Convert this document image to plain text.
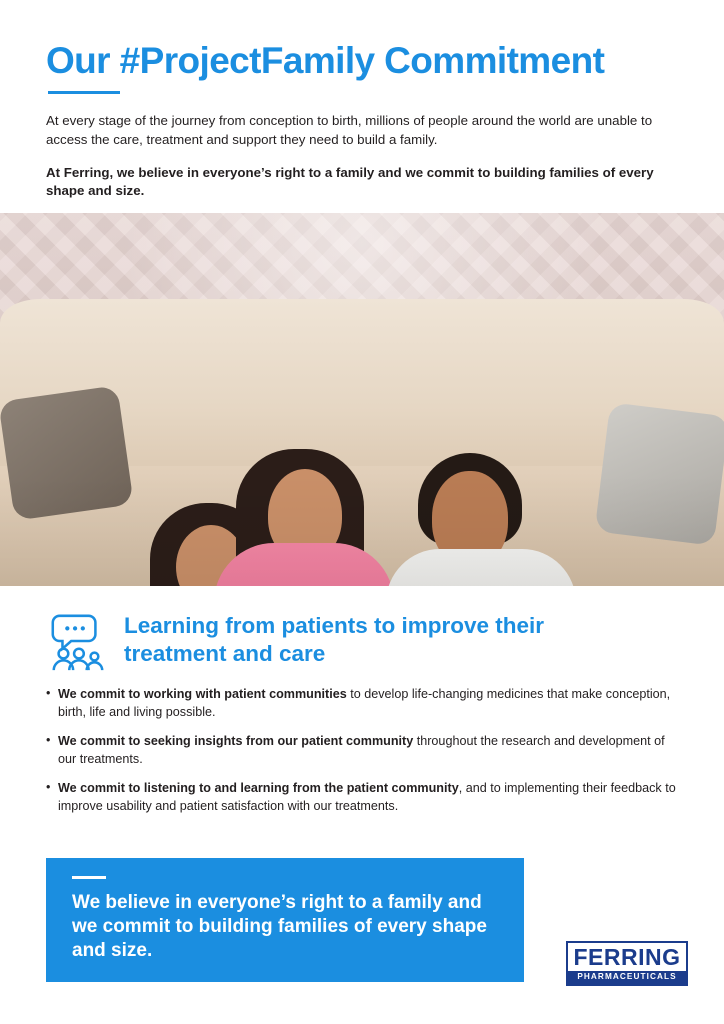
Our #ProjectFamily Commitment

At every stage of the journey from conception to birth, millions of people around the world are unable to access the care, treatment and support they need to build a family.

At Ferring, we believe in everyone’s right to a family and we commit to building families of every shape and size.

Learning from patients to improve their treatment and care
• We commit to working with patient communities to develop life-changing medicines that make conception, birth, life and living possible.
• We commit to seeking insights from our patient community throughout the research and development of our treatments.
• We commit to listening to and learning from the patient community, and to implementing their feedback to improve usability and patient satisfaction with our treatments.

We believe in everyone’s right to a family and we commit to building families of every shape and size.	FERRING
PHARMACEUTICALS
